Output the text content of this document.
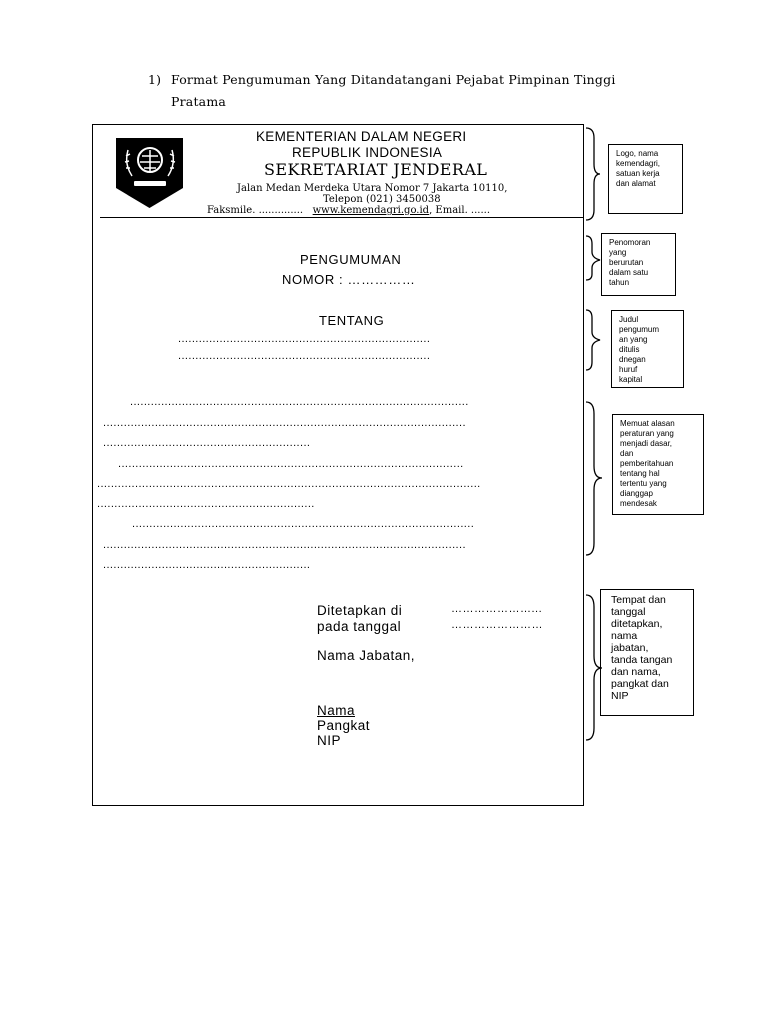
1) Format Pengumuman Yang Ditandatangani Pejabat Pimpinan Tinggi
Pratama
KEMENTERIAN DALAM NEGERI
REPUBLIK INDONESIA
SEKRETARIAT JENDERAL
Jalan Medan Merdeka Utara Nomor 7 Jakarta 10110,
Telepon (021) 3450038
Faksmile. .............. www.kemendagri.go.id, Email. ......
PENGUMUMAN
NOMOR : ……………
TENTANG
.........................................................................
.........................................................................
..................................................................................................
.........................................................................................................
............................................................
....................................................................................................
...............................................................................................................
...............................................................
...................................................................................................
.........................................................................................................
............................................................
Ditetapkan di	…………………...
pada tanggal	……………………
Nama Jabatan,
Nama
Pangkat
NIP
Logo, nama
kemendagri,
satuan kerja
dan alamat
Penomoran
yang
berurutan
dalam satu
tahun
Judul
pengumum
an yang
ditulis
dnegan
huruf
kapital
Memuat alasan
peraturan yang
menjadi dasar,
dan
pemberitahuan
tentang hal
tertentu yang
dianggap
mendesak
Tempat dan
tanggal
ditetapkan,
nama
jabatan,
tanda tangan
dan nama,
pangkat dan
NIP
